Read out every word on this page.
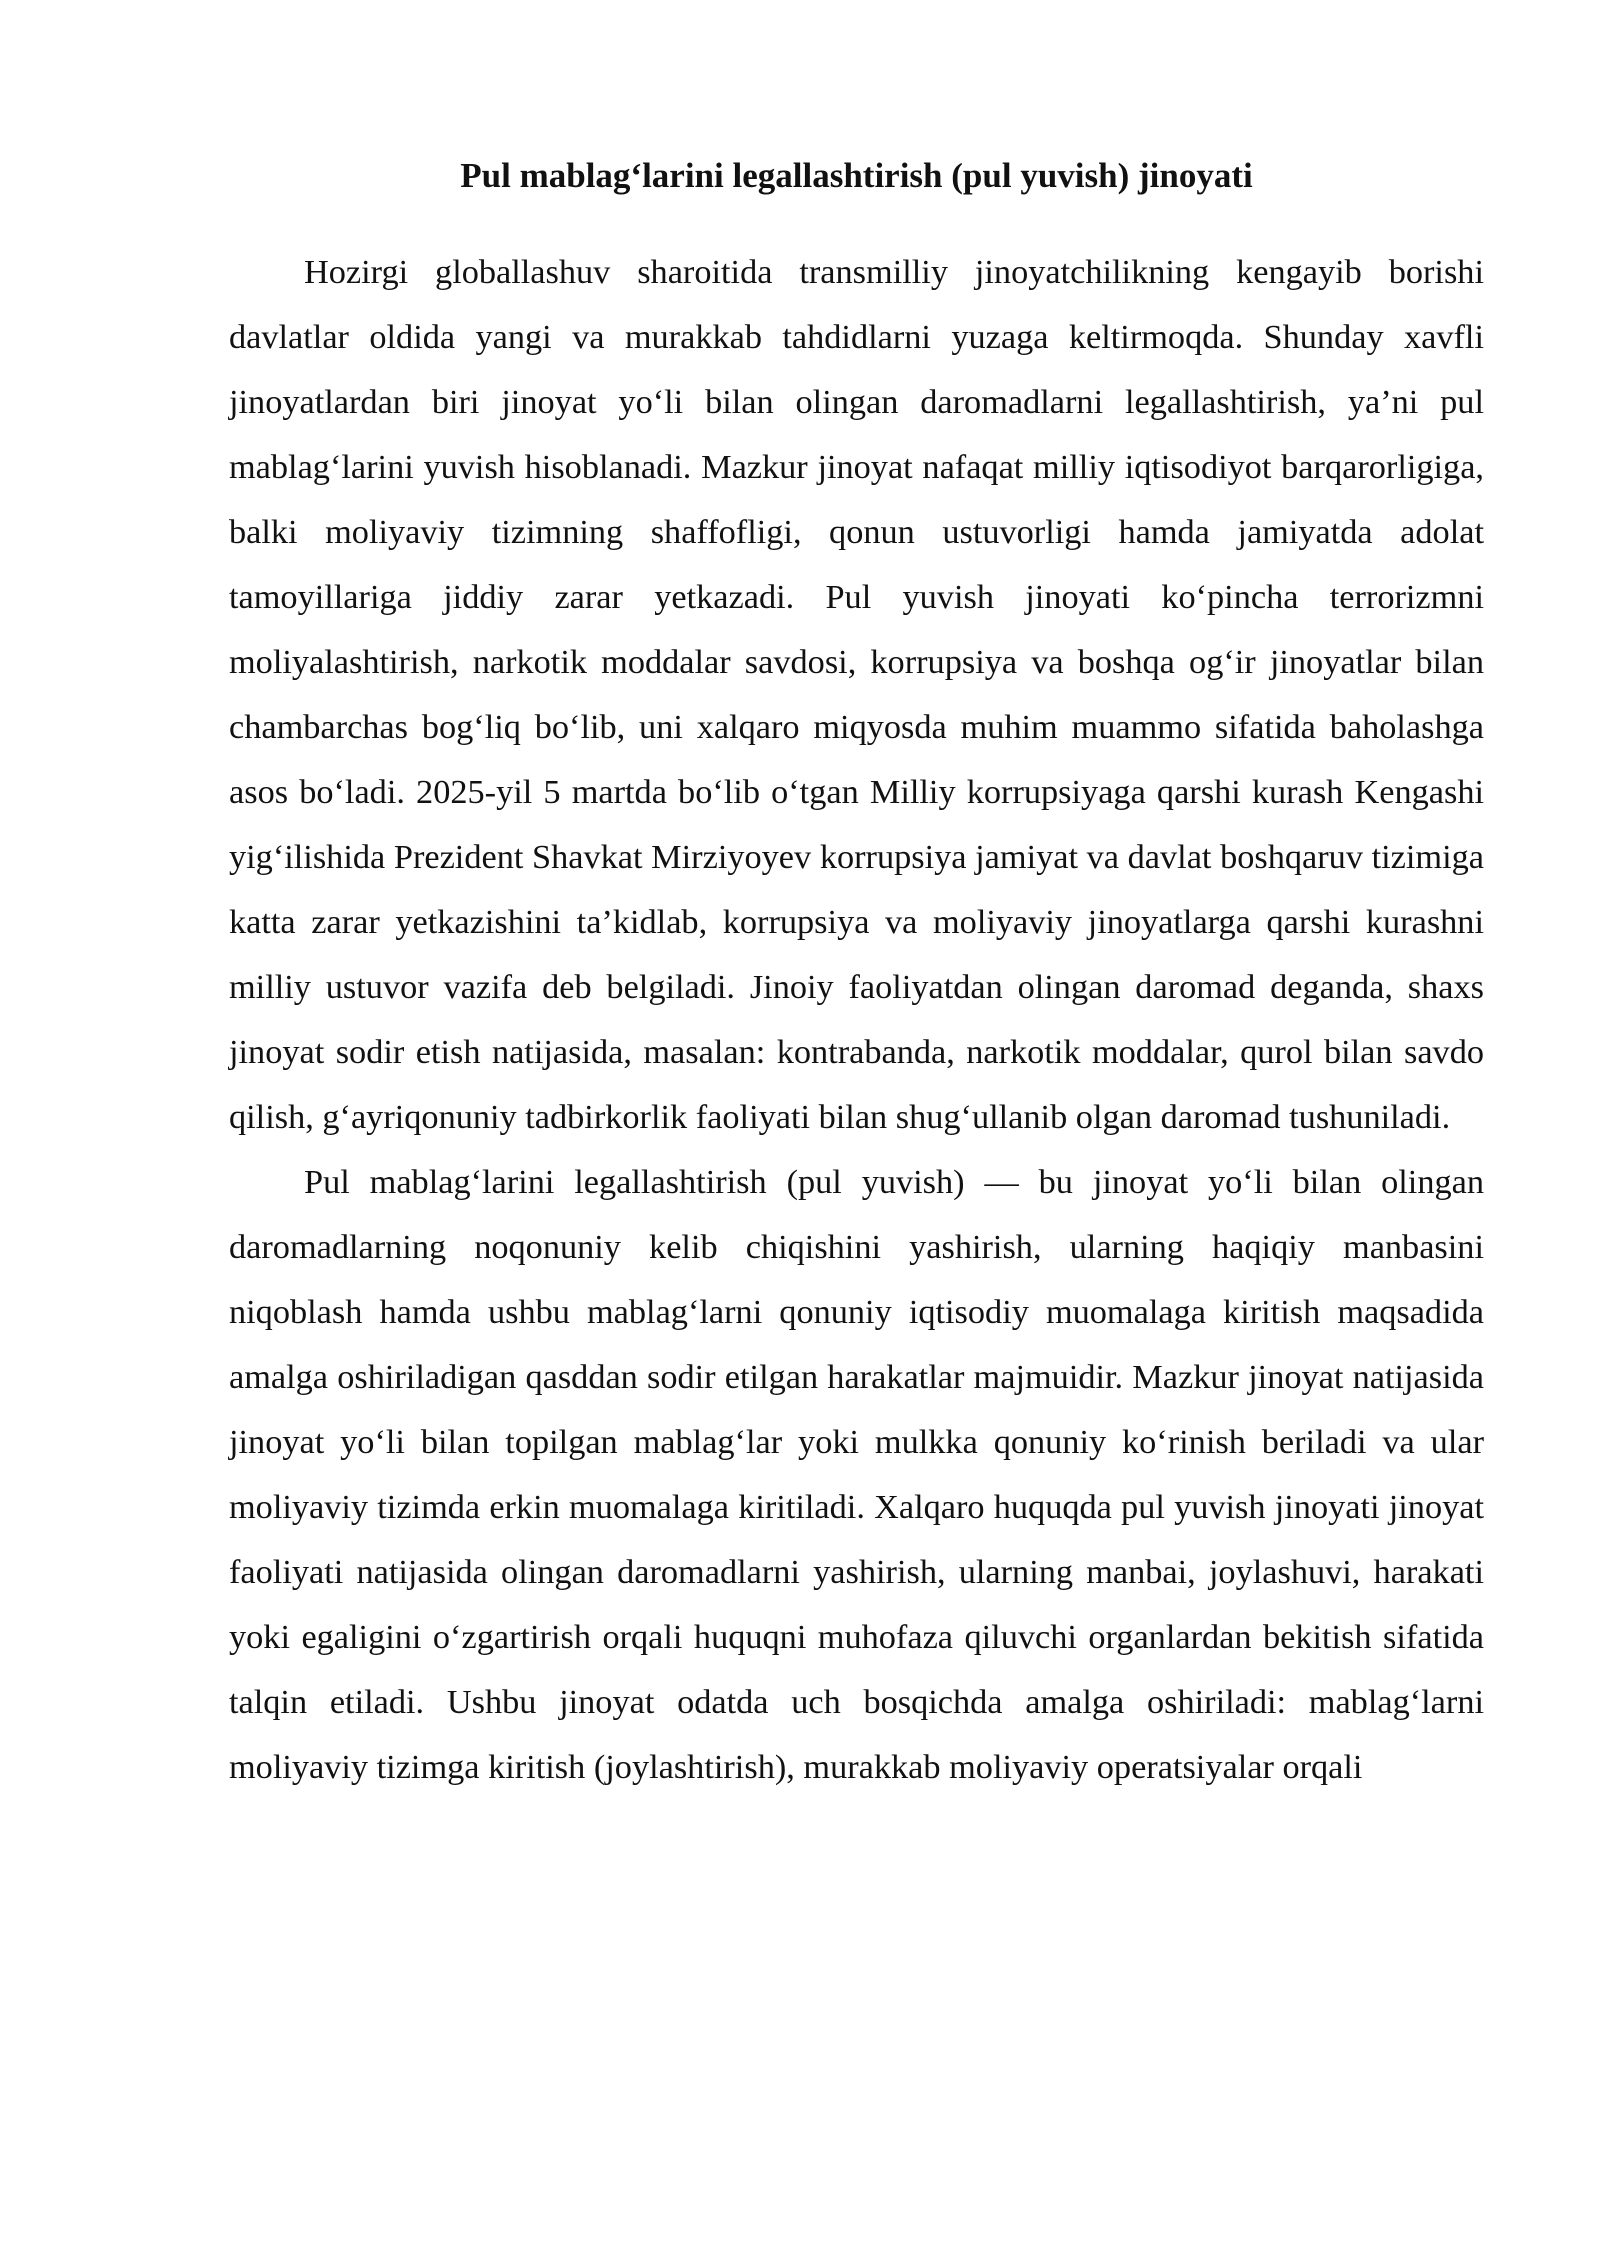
Pul mablag‘larini legallashtirish (pul yuvish) jinoyati

Hozirgi globallashuv sharoitida transmilliy jinoyatchilikning kengayib borishi davlatlar oldida yangi va murakkab tahdidlarni yuzaga keltirmoqda. Shunday xavfli jinoyatlardan biri jinoyat yo‘li bilan olingan daromadlarni legallashtirish, ya’ni pul mablag‘larini yuvish hisoblanadi. Mazkur jinoyat nafaqat milliy iqtisodiyot barqarorligiga, balki moliyaviy tizimning shaffofligi, qonun ustuvorligi hamda jamiyatda adolat tamoyillariga jiddiy zarar yetkazadi. Pul yuvish jinoyati ko‘pincha terrorizmni moliyalashtirish, narkotik moddalar savdosi, korrupsiya va boshqa og‘ir jinoyatlar bilan chambarchas bog‘liq bo‘lib, uni xalqaro miqyosda muhim muammo sifatida baholashga asos bo‘ladi. 2025-yil 5 martda bo‘lib o‘tgan Milliy korrupsiyaga qarshi kurash Kengashi yig‘ilishida Prezident Shavkat Mirziyoyev korrupsiya jamiyat va davlat boshqaruv tizimiga katta zarar yetkazishini ta’kidlab, korrupsiya va moliyaviy jinoyatlarga qarshi kurashni milliy ustuvor vazifa deb belgiladi. Jinoiy faoliyatdan olingan daromad deganda, shaxs jinoyat sodir etish natijasida, masalan: kontrabanda, narkotik moddalar, qurol bilan savdo qilish, g‘ayriqonuniy tadbirkorlik faoliyati bilan shug‘ullanib olgan daromad tushuniladi.

Pul mablag‘larini legallashtirish (pul yuvish) — bu jinoyat yo‘li bilan olingan daromadlarning noqonuniy kelib chiqishini yashirish, ularning haqiqiy manbasini niqoblash hamda ushbu mablag‘larni qonuniy iqtisodiy muomalaga kiritish maqsadida amalga oshiriladigan qasddan sodir etilgan harakatlar majmuidir. Mazkur jinoyat natijasida jinoyat yo‘li bilan topilgan mablag‘lar yoki mulkka qonuniy ko‘rinish beriladi va ular moliyaviy tizimda erkin muomalaga kiritiladi. Xalqaro huquqda pul yuvish jinoyati jinoyat faoliyati natijasida olingan daromadlarni yashirish, ularning manbai, joylashuvi, harakati yoki egaligini o‘zgartirish orqali huquqni muhofaza qiluvchi organlardan bekitish sifatida talqin etiladi. Ushbu jinoyat odatda uch bosqichda amalga oshiriladi: mablag‘larni moliyaviy tizimga kiritish (joylashtirish), murakkab moliyaviy operatsiyalar orqali
